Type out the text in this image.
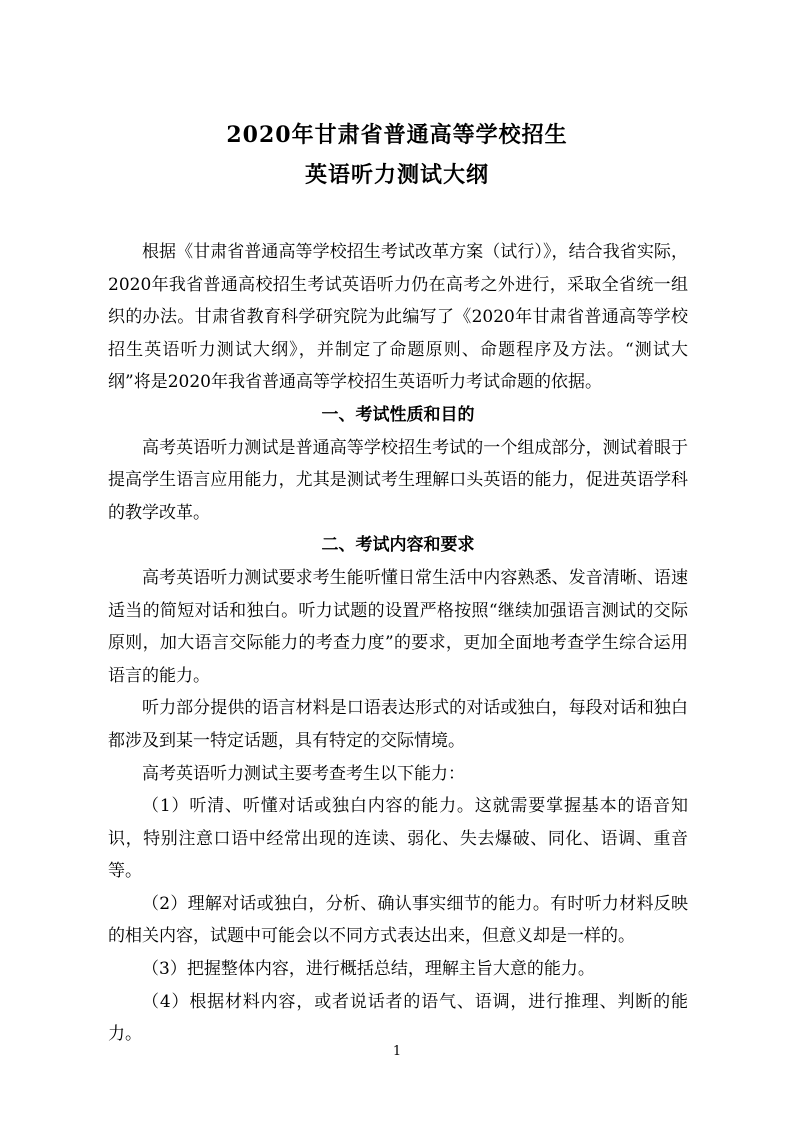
2020年甘肃省普通高等学校招生
英语听力测试大纲

根据《甘肃省普通高等学校招生考试改革方案（试行）》，结合我省实际，2020年我省普通高校招生考试英语听力仍在高考之外进行，采取全省统一组织的办法。甘肃省教育科学研究院为此编写了《2020年甘肃省普通高等学校招生英语听力测试大纲》，并制定了命题原则、命题程序及方法。“测试大纲”将是2020年我省普通高等学校招生英语听力考试命题的依据。

一、考试性质和目的

高考英语听力测试是普通高等学校招生考试的一个组成部分，测试着眼于提高学生语言应用能力，尤其是测试考生理解口头英语的能力，促进英语学科的教学改革。

二、考试内容和要求

高考英语听力测试要求考生能听懂日常生活中内容熟悉、发音清晰、语速适当的简短对话和独白。听力试题的设置严格按照“继续加强语言测试的交际原则，加大语言交际能力的考查力度”的要求，更加全面地考查学生综合运用语言的能力。

听力部分提供的语言材料是口语表达形式的对话或独白，每段对话和独白都涉及到某一特定话题，具有特定的交际情境。

高考英语听力测试主要考查考生以下能力：

（1）听清、听懂对话或独白内容的能力。这就需要掌握基本的语音知识，特别注意口语中经常出现的连读、弱化、失去爆破、同化、语调、重音等。

（2）理解对话或独白，分析、确认事实细节的能力。有时听力材料反映的相关内容，试题中可能会以不同方式表达出来，但意义却是一样的。

（3）把握整体内容，进行概括总结，理解主旨大意的能力。

（4）根据材料内容，或者说话者的语气、语调，进行推理、判断的能力。

1
